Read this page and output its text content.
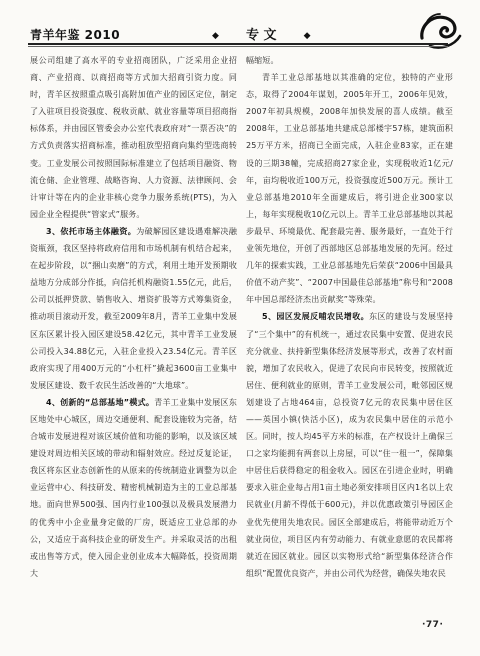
青羊年鉴 2010	◆ 专 文	◆

展公司组建了高水平的专业招商团队，广泛采用企业招商、产业招商、以商招商等方式加大招商引资力度。同时，青羊区按照重点吸引高附加值产业的园区定位，制定了入驻项目投资强度、税收贡献、就业容量等项目招商指标体系，并由园区管委会办公室代表政府对“一票否决”的方式负责落实招商标准，推动租放型招商向集约型选商转变。工业发展公司按照国际标准建立了包括项目融资、物流仓储、企业管理、战略咨询、人力资源、法律顾问、会计审计等在内的企业非核心竞争力服务系统(PTS)，为入园企业全程提供“管家式”服务。

3、依托市场主体融资。为破解园区建设遇难解决融资瓶颈，我区坚持将政府信用和市场机制有机结合起来，在起步阶段，以“捆山卖磨”的方式，利用土地开发预期收益地方分成部分作抵，向信托机构融资1.55亿元，此后，公司以抵押贷款、销售收入、增资扩股等方式筹集资金，推动项目滚动开发，截至2009年8月，青羊工业集中发展区东区累计投入园区建设58.42亿元，其中青羊工业发展公司投入34.88亿元，入驻企业投入23.54亿元。青羊区政府实现了用400万元的“小杠杆”撬起3600亩工业集中发展区建设、数千农民生活改善的“大地球”。

4、创新的“总部基地”模式。青羊工业集中发展区东区地处中心城区，周边交通便利、配套设施较为完备，结合城市发展进程对该区域价值和功能的影响，以及该区域建设对周边相关区域的带动和辐射效应。经过反复论证，我区将东区业态创新性的从原来的传统制造业调整为以企业运营中心、科技研发、精密机械制造为主的工业总部基地。面向世界500强、国内行业100强以及极具发展潜力的优秀中小企业量身定做的厂房，既适应工业总部的办公，又适应于高科技企业的研发生产。并采取灵活的出租或出售等方式，使入园企业创业成本大幅降低，投资周期大

幅缩短。

青羊工业总部基地以其准确的定位，独特的产业形态，取得了2004年谋划，2005年开工，2006年见效，2007年初具规模，2008年加快发展的喜人成绩。截至2008年，工业总部基地共建成总部楼宇57栋，建筑面积25万平方米，招商已全面完成，入驻企业83家，正在建设的三期38幢，完成招商27家企业，实现税收近1亿元/年，亩均税收近100万元，投资强度近500万元。预计工业总部基地2010年全面建成后，将引进企业300家以上，每年实现税收10亿元以上。青羊工业总部基地以其起步最早、环境最优、配套最完善、服务最好，一直处于行业领先地位，开创了西部地区总部基地发展的先河。经过几年的探索实践，工业总部基地先后荣获“2006中国最具价值不动产奖”、“2007中国最佳总部基地”称号和“2008年中国总部经济杰出贡献奖”等殊荣。

5、园区发展反哺农民增收。东区的建设与发展坚持了“三个集中”的有机统一，通过农民集中安置、促进农民充分就业、扶持新型集体经济发展等形式，改善了农村面貌，增加了农民收入，促进了农民向市民转变，按照就近居住、便利就业的原则，青羊工业发展公司，毗邻园区规划建设了占地464亩，总投资7亿元的农民集中居住区——英国小镇(快活小区)，成为农民集中居住的示范小区。同时，按人均45平方米的标准，在产权设计上确保三口之家均能拥有两套以上房屋，可以“住一租一”，保障集中居住后获得稳定的租金收入。园区在引进企业时，明确要求入驻企业每占用1亩土地必须安排项目区内1名以上农民就业(月薪不得低于600元)，并以优惠政策引导园区企业优先使用失地农民。园区全部建成后，将能带动近万个就业岗位，项目区内有劳动能力、有就业意愿的农民都将就近在园区就业。园区以实物形式给“新型集体经济合作组织”配置优良资产，并由公司代为经营，确保失地农民

·77·
